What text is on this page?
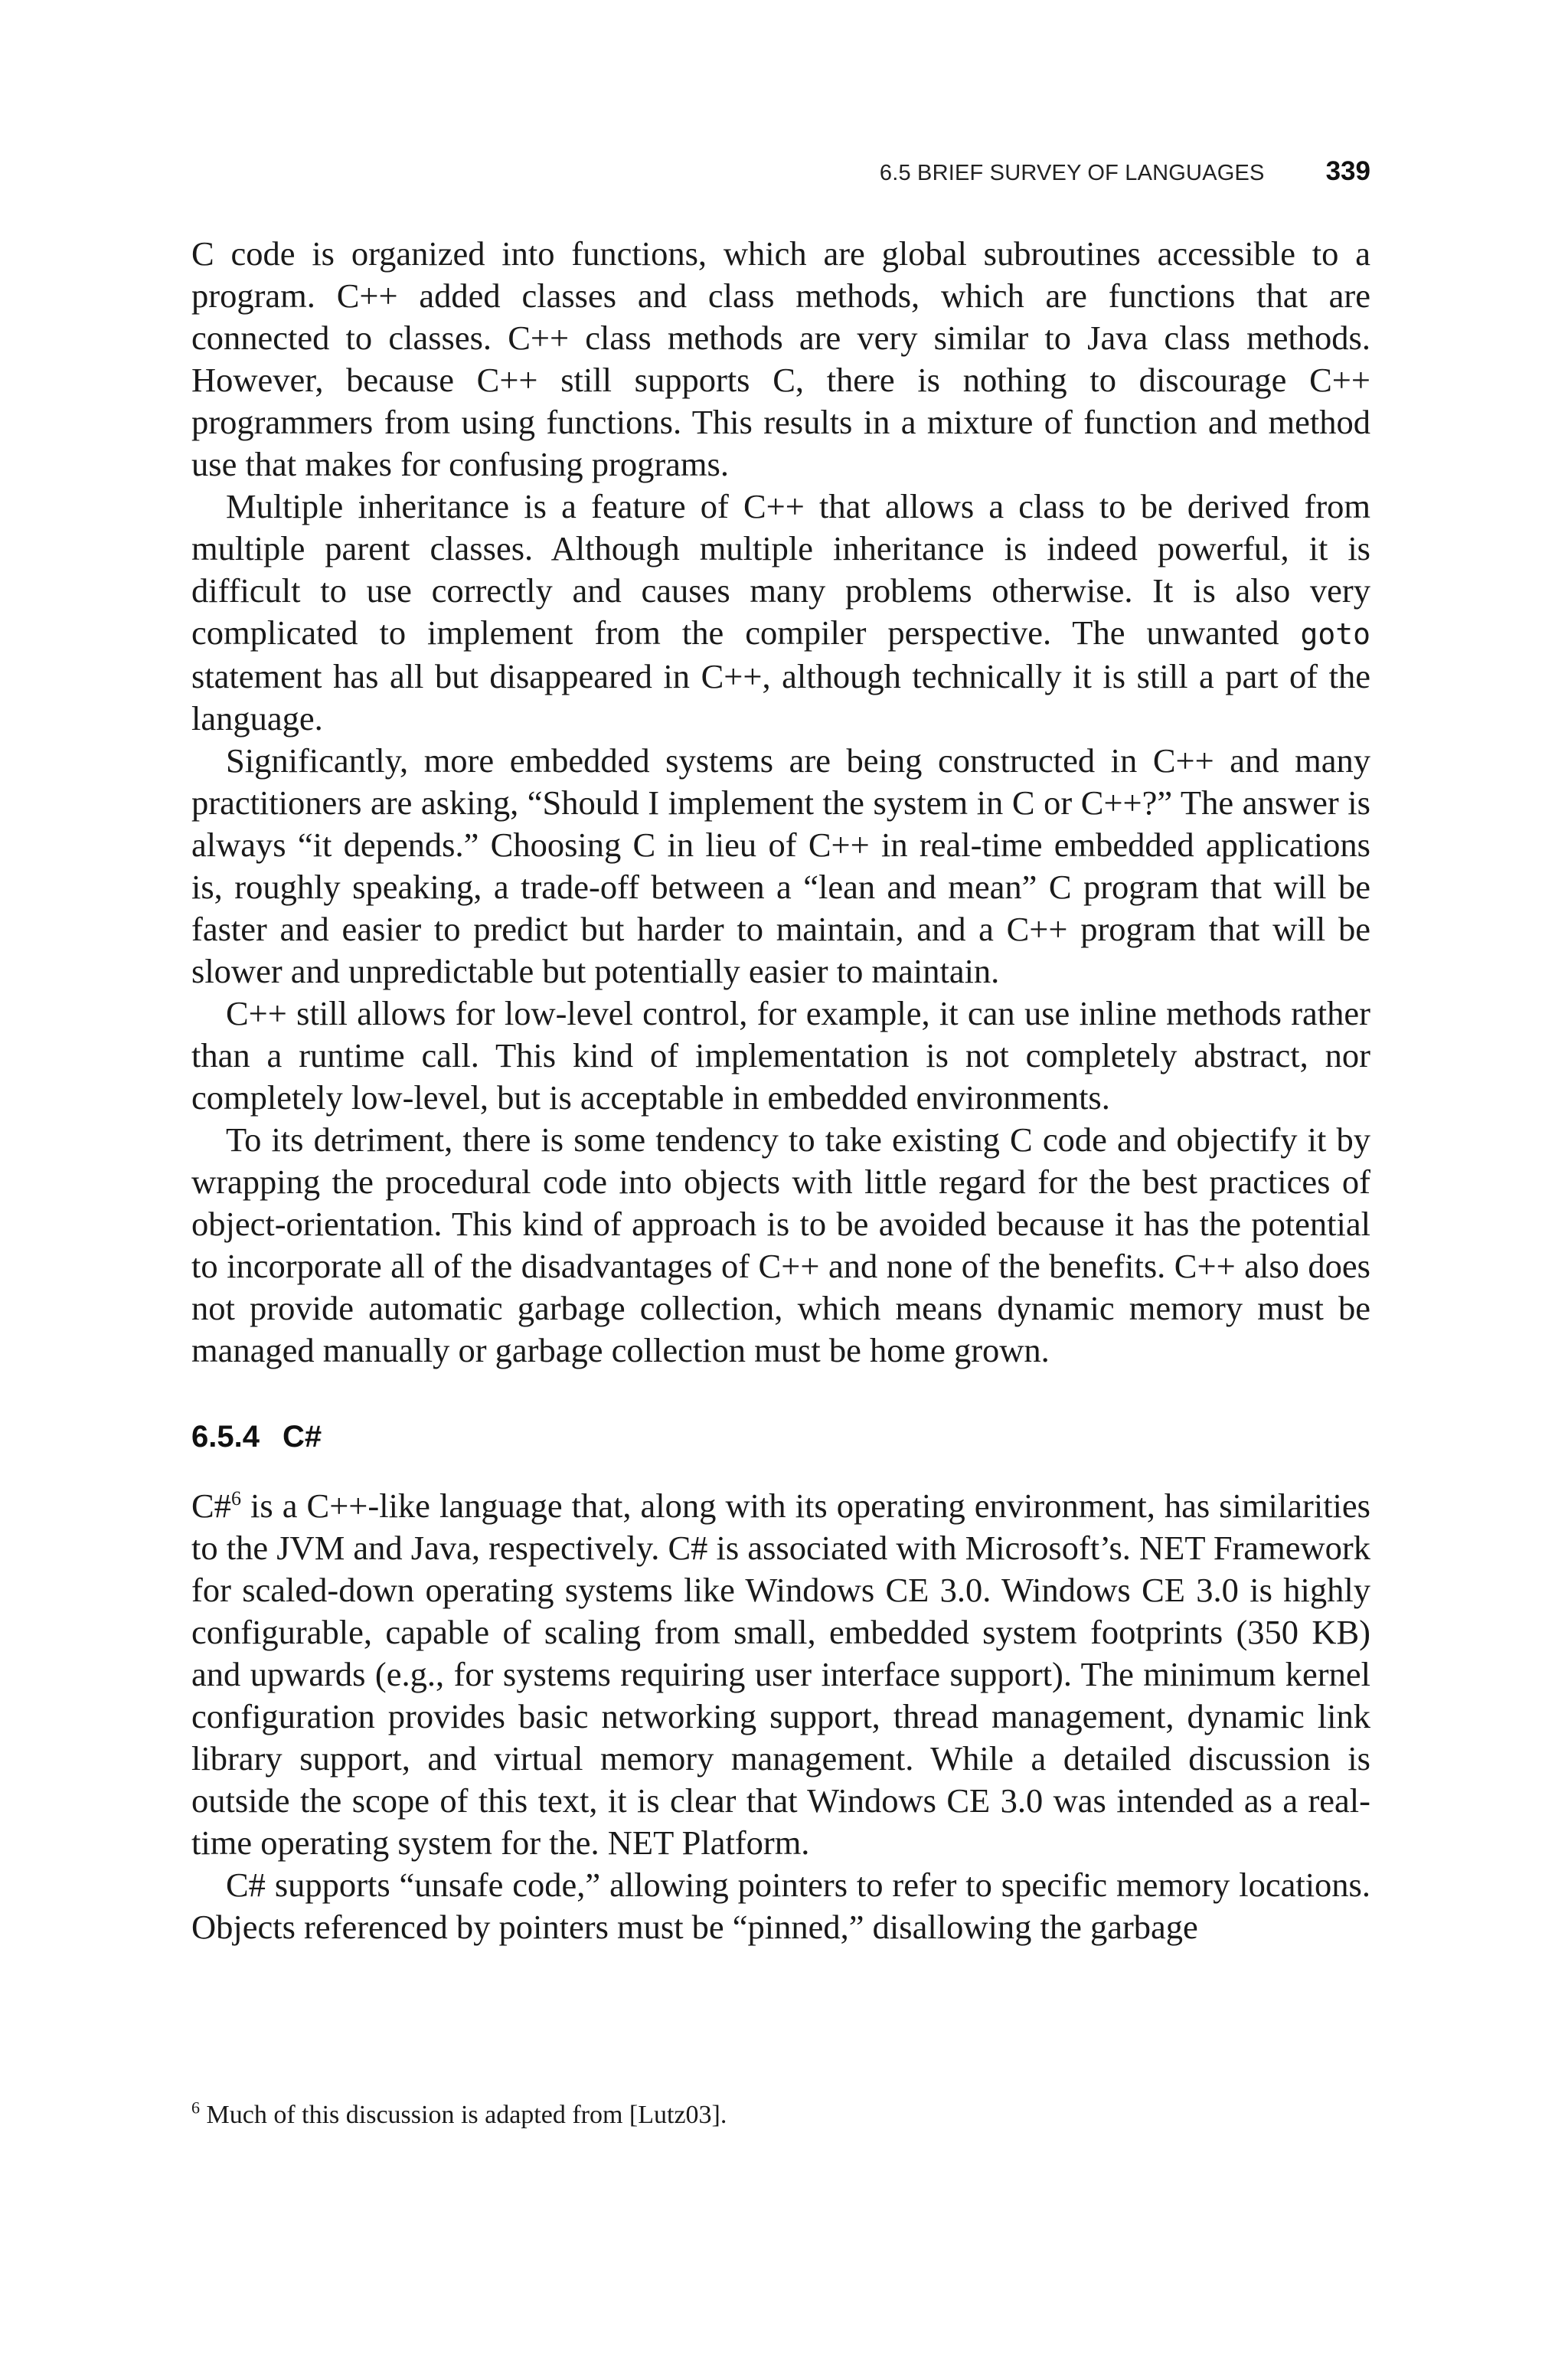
6.5 BRIEF SURVEY OF LANGUAGES 339

C code is organized into functions, which are global subroutines accessible to a program. C++ added classes and class methods, which are functions that are connected to classes. C++ class methods are very similar to Java class methods. However, because C++ still supports C, there is nothing to discourage C++ programmers from using functions. This results in a mixture of function and method use that makes for confusing programs.

Multiple inheritance is a feature of C++ that allows a class to be derived from multiple parent classes. Although multiple inheritance is indeed powerful, it is difficult to use correctly and causes many problems otherwise. It is also very complicated to implement from the compiler perspective. The unwanted goto statement has all but disappeared in C++, although technically it is still a part of the language.

Significantly, more embedded systems are being constructed in C++ and many practitioners are asking, “Should I implement the system in C or C++?” The answer is always “it depends.” Choosing C in lieu of C++ in real-time embedded applications is, roughly speaking, a trade-off between a “lean and mean” C program that will be faster and easier to predict but harder to maintain, and a C++ program that will be slower and unpredictable but potentially easier to maintain.

C++ still allows for low-level control, for example, it can use inline methods rather than a runtime call. This kind of implementation is not completely abstract, nor completely low-level, but is acceptable in embedded environments.

To its detriment, there is some tendency to take existing C code and objectify it by wrapping the procedural code into objects with little regard for the best practices of object-orientation. This kind of approach is to be avoided because it has the potential to incorporate all of the disadvantages of C++ and none of the benefits. C++ also does not provide automatic garbage collection, which means dynamic memory must be managed manually or garbage collection must be home grown.

6.5.4 C#

C#$^6$ is a C++-like language that, along with its operating environment, has similarities to the JVM and Java, respectively. C# is associated with Microsoft’s. NET Framework for scaled-down operating systems like Windows CE 3.0. Windows CE 3.0 is highly configurable, capable of scaling from small, embedded system footprints (350 KB) and upwards (e.g., for systems requiring user interface support). The minimum kernel configuration provides basic networking support, thread management, dynamic link library support, and virtual memory management. While a detailed discussion is outside the scope of this text, it is clear that Windows CE 3.0 was intended as a real-time operating system for the. NET Platform.

C# supports “unsafe code,” allowing pointers to refer to specific memory locations. Objects referenced by pointers must be “pinned,” disallowing the garbage

$^6$ Much of this discussion is adapted from [Lutz03].
